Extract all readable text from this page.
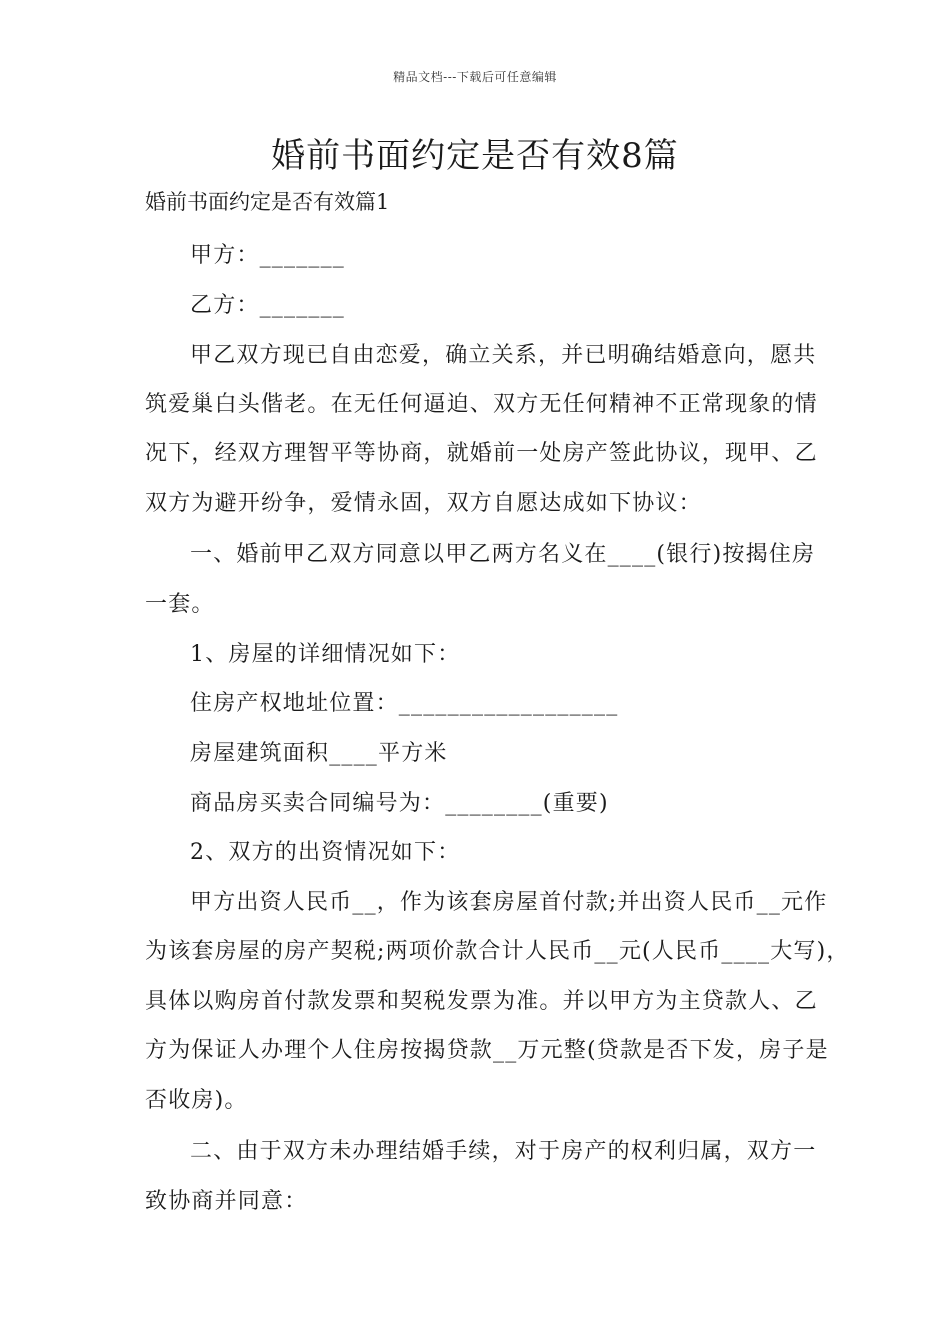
精品文档---下载后可任意编辑
婚前书面约定是否有效8篇

婚前书面约定是否有效篇1

甲方：_______

乙方：_______

甲乙双方现已自由恋爱，确立关系，并已明确结婚意向，愿共

筑爱巢白头偕老。在无任何逼迫、双方无任何精神不正常现象的情

况下，经双方理智平等协商，就婚前一处房产签此协议，现甲、乙

双方为避开纷争，爱情永固，双方自愿达成如下协议：

一、婚前甲乙双方同意以甲乙两方名义在____(银行)按揭住房

一套。

1、房屋的详细情况如下：

住房产权地址位置：__________________

房屋建筑面积____平方米

商品房买卖合同编号为：________(重要)

2、双方的出资情况如下：

甲方出资人民币__，作为该套房屋首付款;并出资人民币__元作

为该套房屋的房产契税;两项价款合计人民币__元(人民币____大写)，

具体以购房首付款发票和契税发票为准。并以甲方为主贷款人、乙

方为保证人办理个人住房按揭贷款__万元整(贷款是否下发，房子是

否收房)。

二、由于双方未办理结婚手续，对于房产的权利归属，双方一

致协商并同意：
